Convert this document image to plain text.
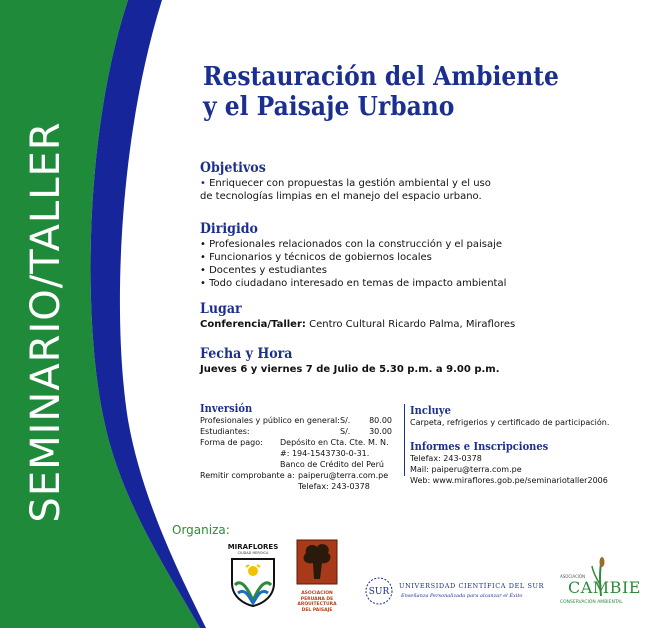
SEMINARIO/TALLER
Restauración del Ambiente
y el Paisaje Urbano
Objetivos

• Enriquecer con propuestas la gestión ambiental y el uso

de tecnologías limpias en el manejo del espacio urbano.

Dirigido

• Profesionales relacionados con la construcción y el paisaje

• Funcionarios y técnicos de gobiernos locales

• Docentes y estudiantes

• Todo ciudadano interesado en temas de impacto ambiental

Lugar

Conferencia/Taller: Centro Cultural Ricardo Palma, Miraflores

Fecha y Hora

Jueves 6 y viernes 7 de Julio de 5.30 p.m. a 9.00 p.m.

Inversión
Profesionales y público en general: S/.	80.00
Estudiantes:	S/.	30.00
Forma de pago:	Depósito en Cta. Cte. M. N.
#: 194-1543730-0-31.
Banco de Crédito del Perú
Remitir comprobante a: paiperu@terra.com.pe
Telefax: 243-0378
Incluye

Carpeta, refrigerios y certificado de participación.

Informes e Inscripciones

Telefax: 243-0378

Mail: paiperu@terra.com.pe

Web: www.miraflores.gob.pe/seminariotaller2006

Organiza:
MIRAFLORES
CIUDAD HEROICA
ASOCIACION
PERUANA DE
ARQUITECTURA
DEL PAISAJE
SUR
UNIVERSIDAD CIENTÍFICA DEL SUR
Enseñanza Personalizada para alcanzar el Éxito
ASOCIACIÓN
CAMBIE
CONSERVACIÓN AMBIENTAL
